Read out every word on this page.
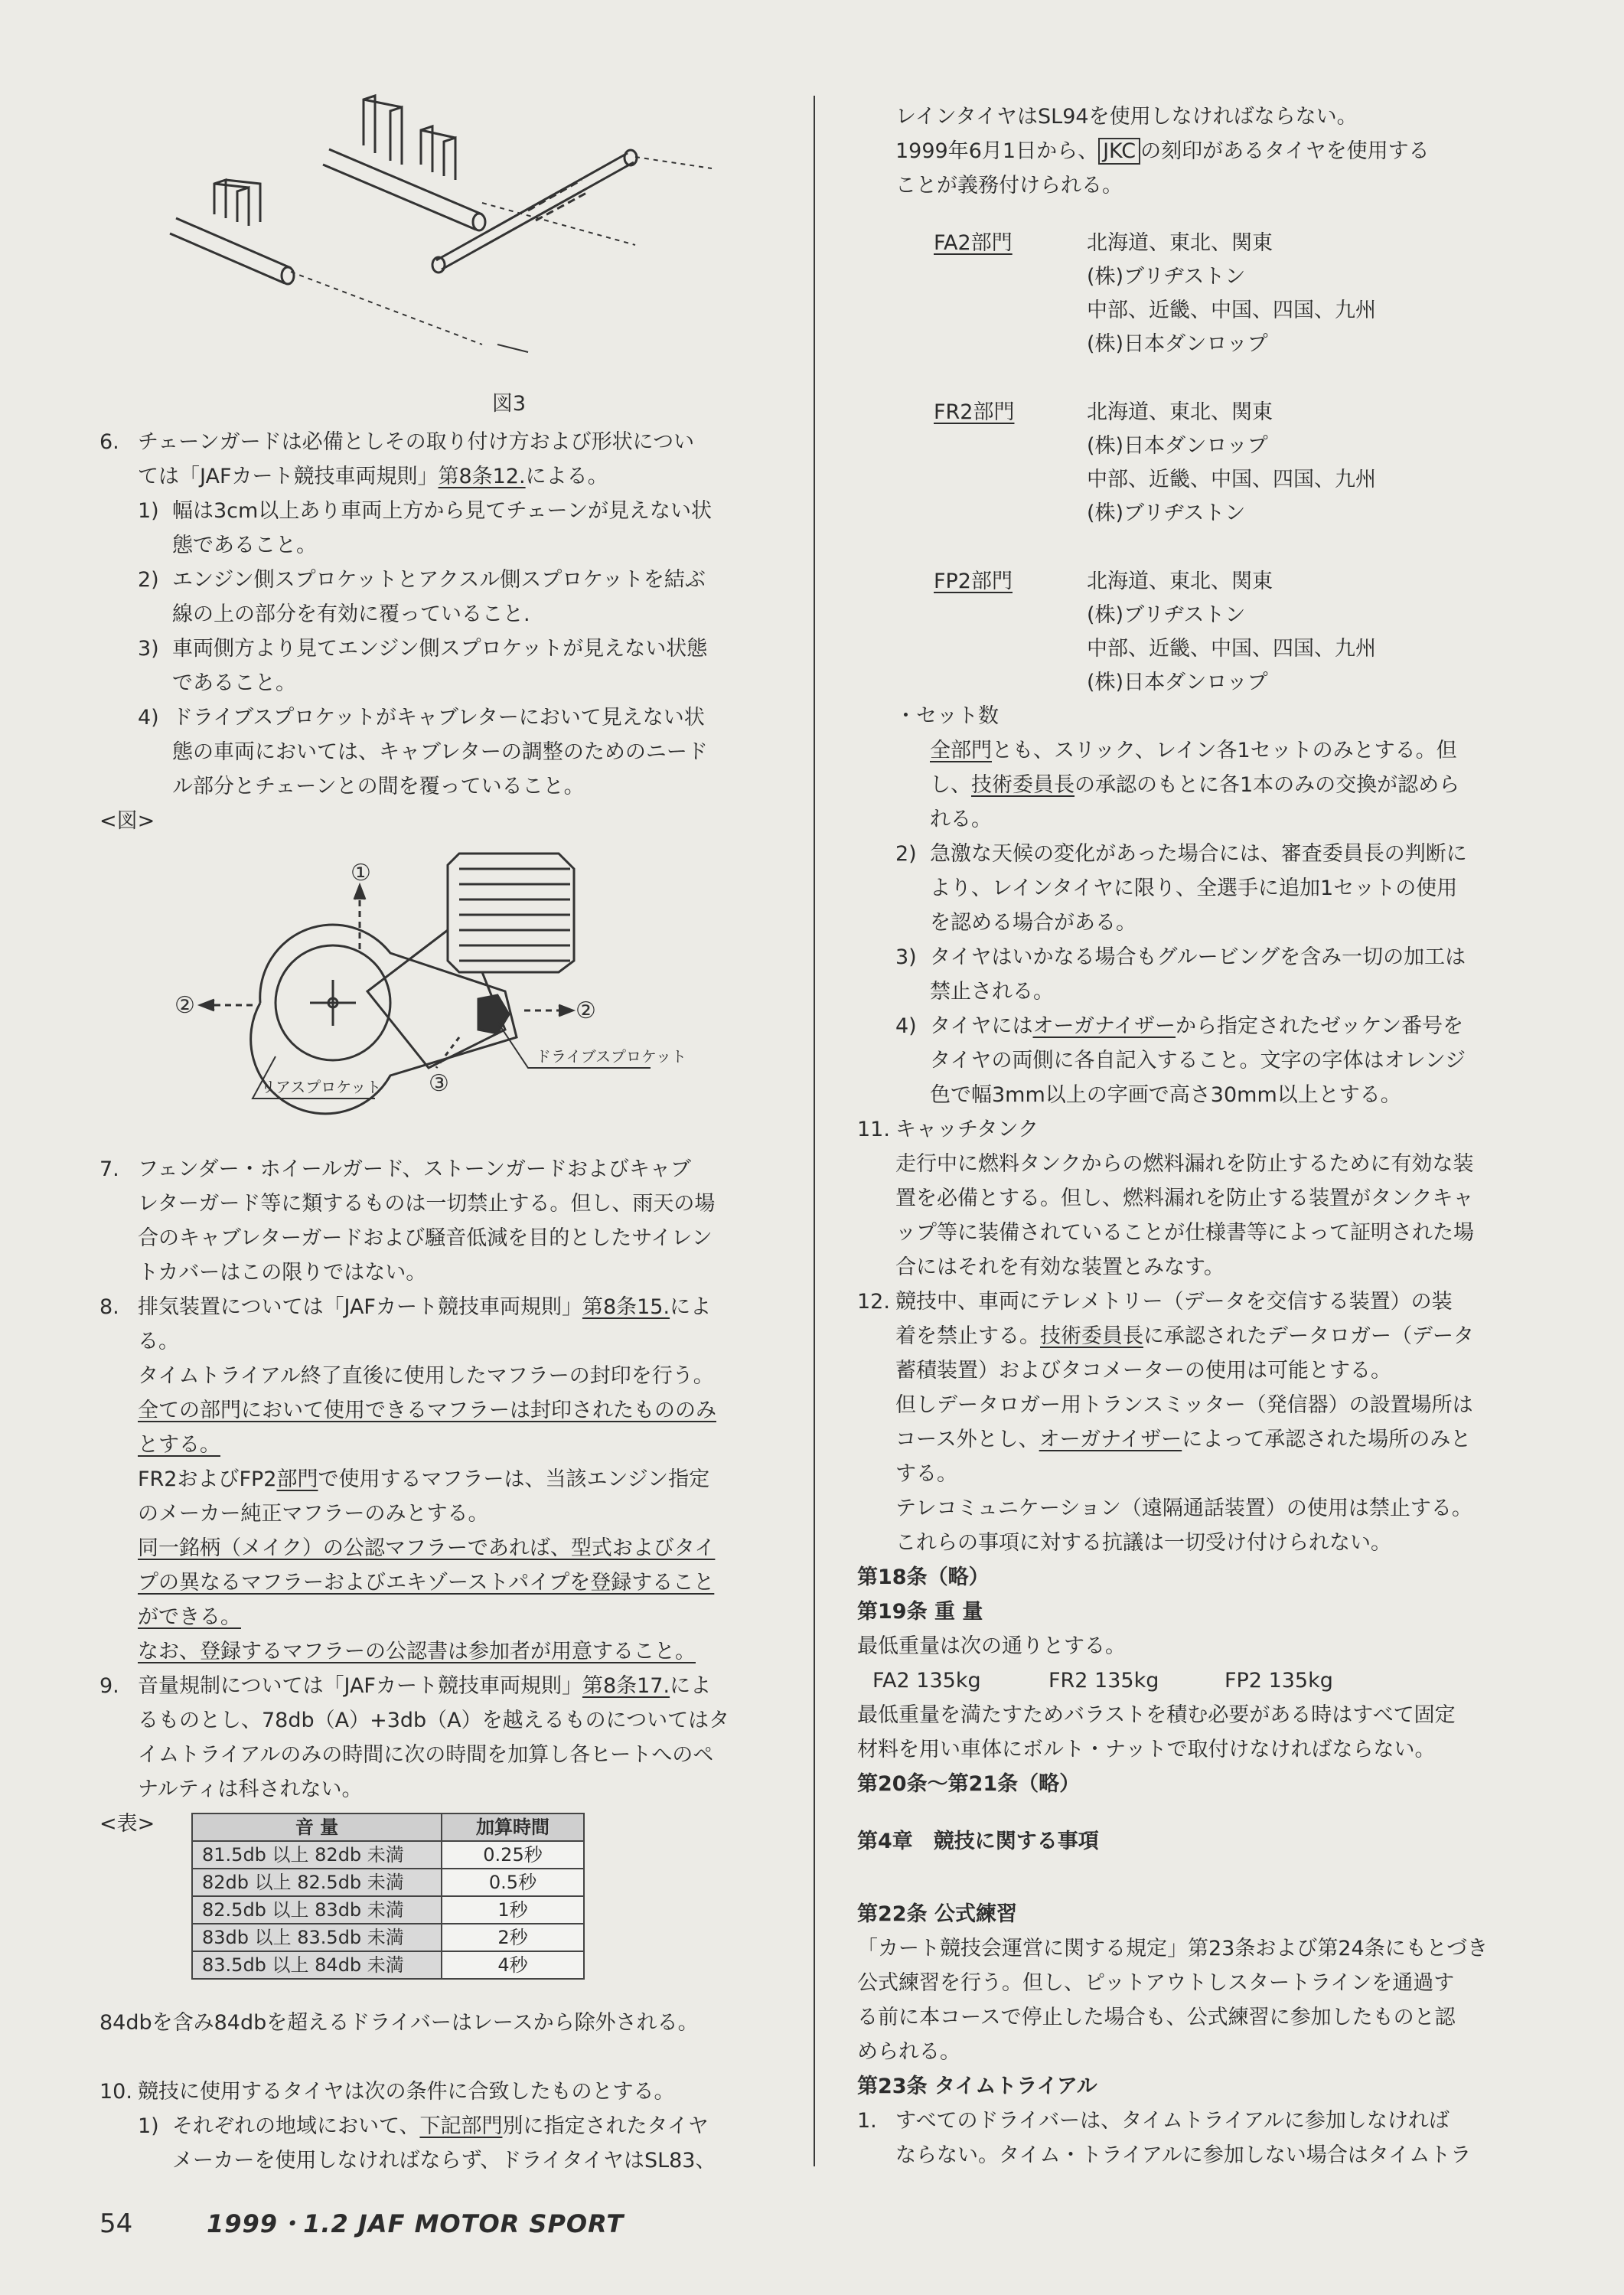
図3
6. チェーンガードは必備としその取り付け方および形状につい
ては「JAFカート競技車両規則」第8条12.による。
1) 幅は3cm以上あり車両上方から見てチェーンが見えない状
態であること。
2) エンジン側スプロケットとアクスル側スプロケットを結ぶ
線の上の部分を有効に覆っていること.
3) 車両側方より見てエンジン側スプロケットが見えない状態
であること。
4) ドライブスプロケットがキャブレターにおいて見えない状
態の車両においては、キャブレターの調整のためのニード
ル部分とチェーンとの間を覆っていること。
<図>
①
②	②
③
ドライブスプロケット
リアスプロケット
7. フェンダー・ホイールガード、ストーンガードおよびキャブ
レターガード等に類するものは一切禁止する。但し、雨天の場
合のキャブレターガードおよび騒音低減を目的としたサイレン
トカバーはこの限りではない。
8. 排気装置については「JAFカート競技車両規則」第8条15.によ
る。
タイムトライアル終了直後に使用したマフラーの封印を行う。
全ての部門において使用できるマフラーは封印されたもののみ
とする。
FR2およびFP2部門で使用するマフラーは、当該エンジン指定
のメーカー純正マフラーのみとする。
同一銘柄（メイク）の公認マフラーであれば、型式およびタイ
プの異なるマフラーおよびエキゾーストパイプを登録すること
ができる。
なお、登録するマフラーの公認書は参加者が用意すること。
9. 音量規制については「JAFカート競技車両規則」第8条17.によ
るものとし、78db（A）+3db（A）を越えるものについてはタ
イムトライアルのみの時間に次の時間を加算し各ヒートへのペ
ナルティは科されない。
<表>	音 量	加算時間
81.5db 以上 82db 未満	0.25秒
82db 以上 82.5db 未満	0.5秒
82.5db 以上 83db 未満	1秒
83db 以上 83.5db 未満	2秒
83.5db 以上 84db 未満	4秒
84dbを含み84dbを超えるドライバーはレースから除外される。
10. 競技に使用するタイヤは次の条件に合致したものとする。
1) それぞれの地域において、下記部門別に指定されたタイヤ
メーカーを使用しなければならず、ドライタイヤはSL83、
レインタイヤはSL94を使用しなければならない。
1999年6月1日から、 JKC の刻印があるタイヤを使用する
ことが義務付けられる。
FA2部門	北海道、東北、関東
(株)ブリヂストン
中部、近畿、中国、四国、九州
(株)日本ダンロップ
FR2部門	北海道、東北、関東
(株)日本ダンロップ
中部、近畿、中国、四国、九州
(株)ブリヂストン
FP2部門	北海道、東北、関東
(株)ブリヂストン
中部、近畿、中国、四国、九州
(株)日本ダンロップ
・セット数
全部門とも、スリック、レイン各1セットのみとする。但
し、技術委員長の承認のもとに各1本のみの交換が認めら
れる。
2) 急激な天候の変化があった場合には、審査委員長の判断に
より、レインタイヤに限り、全選手に追加1セットの使用
を認める場合がある。
3) タイヤはいかなる場合もグルービングを含み一切の加工は
禁止される。
4) タイヤにはオーガナイザーから指定されたゼッケン番号を
タイヤの両側に各自記入すること。文字の字体はオレンジ
色で幅3mm以上の字画で高さ30mm以上とする。
11. キャッチタンク
走行中に燃料タンクからの燃料漏れを防止するために有効な装
置を必備とする。但し、燃料漏れを防止する装置がタンクキャ
ップ等に装備されていることが仕様書等によって証明された場
合にはそれを有効な装置とみなす。
12. 競技中、車両にテレメトリー（データを交信する装置）の装
着を禁止する。技術委員長に承認されたデータロガー（データ
蓄積装置）およびタコメーターの使用は可能とする。
但しデータロガー用トランスミッター（発信器）の設置場所は
コース外とし、オーガナイザーによって承認された場所のみと
する。
テレコミュニケーション（遠隔通話装置）の使用は禁止する。
これらの事項に対する抗議は一切受け付けられない。
第18条（略）
第19条 重 量
最低重量は次の通りとする。
FA2 135kg	FR2 135kg	FP2 135kg
最低重量を満たすためバラストを積む必要がある時はすべて固定
材料を用い車体にボルト・ナットで取付けなければならない。
第20条～第21条（略）
第4章　競技に関する事項
第22条 公式練習
「カート競技会運営に関する規定」第23条および第24条にもとづき
公式練習を行う。但し、ピットアウトしスタートラインを通過す
る前に本コースで停止した場合も、公式練習に参加したものと認
められる。
第23条 タイムトライアル
1. すべてのドライバーは、タイムトライアルに参加しなければ
ならない。タイム・トライアルに参加しない場合はタイムトラ
54	1999・1.2 JAF MOTOR SPORT
